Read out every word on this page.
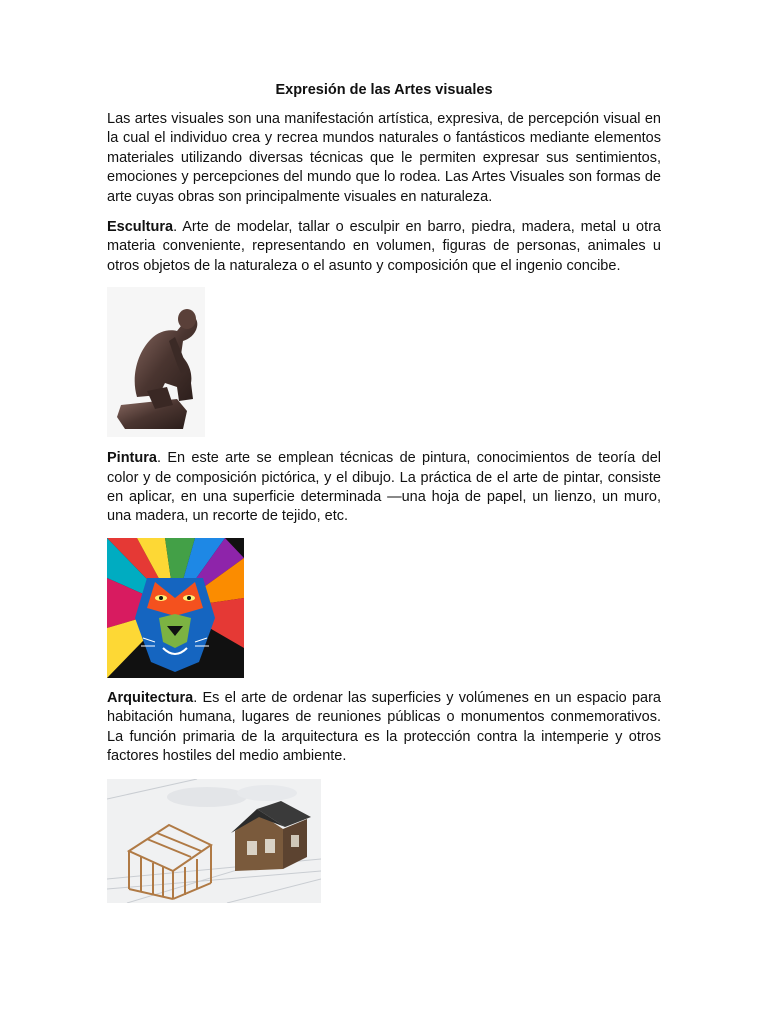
Expresión de las Artes visuales

Las artes visuales son una manifestación artística, expresiva, de percepción visual en la cual el individuo crea y recrea mundos naturales o fantásticos mediante elementos materiales utilizando diversas técnicas que le permiten expresar sus sentimientos, emociones y percepciones del mundo que lo rodea. Las Artes Visuales son formas de arte cuyas obras son principalmente visuales en naturaleza.

Escultura. Arte de modelar, tallar o esculpir en barro, piedra, madera, metal u otra materia conveniente, representando en volumen, figuras de personas, animales u otros objetos de la naturaleza o el asunto y composición que el ingenio concibe.

Pintura. En este arte se emplean técnicas de pintura, conocimientos de teoría del color y de composición pictórica, y el dibujo. La práctica de el arte de pintar, consiste en aplicar, en una superficie determinada —una hoja de papel, un lienzo, un muro, una madera, un recorte de tejido, etc.

Arquitectura. Es el arte de ordenar las superficies y volúmenes en un espacio para habitación humana, lugares de reuniones públicas o monumentos conmemorativos. La función primaria de la arquitectura es la protección contra la intemperie y otros factores hostiles del medio ambiente.
